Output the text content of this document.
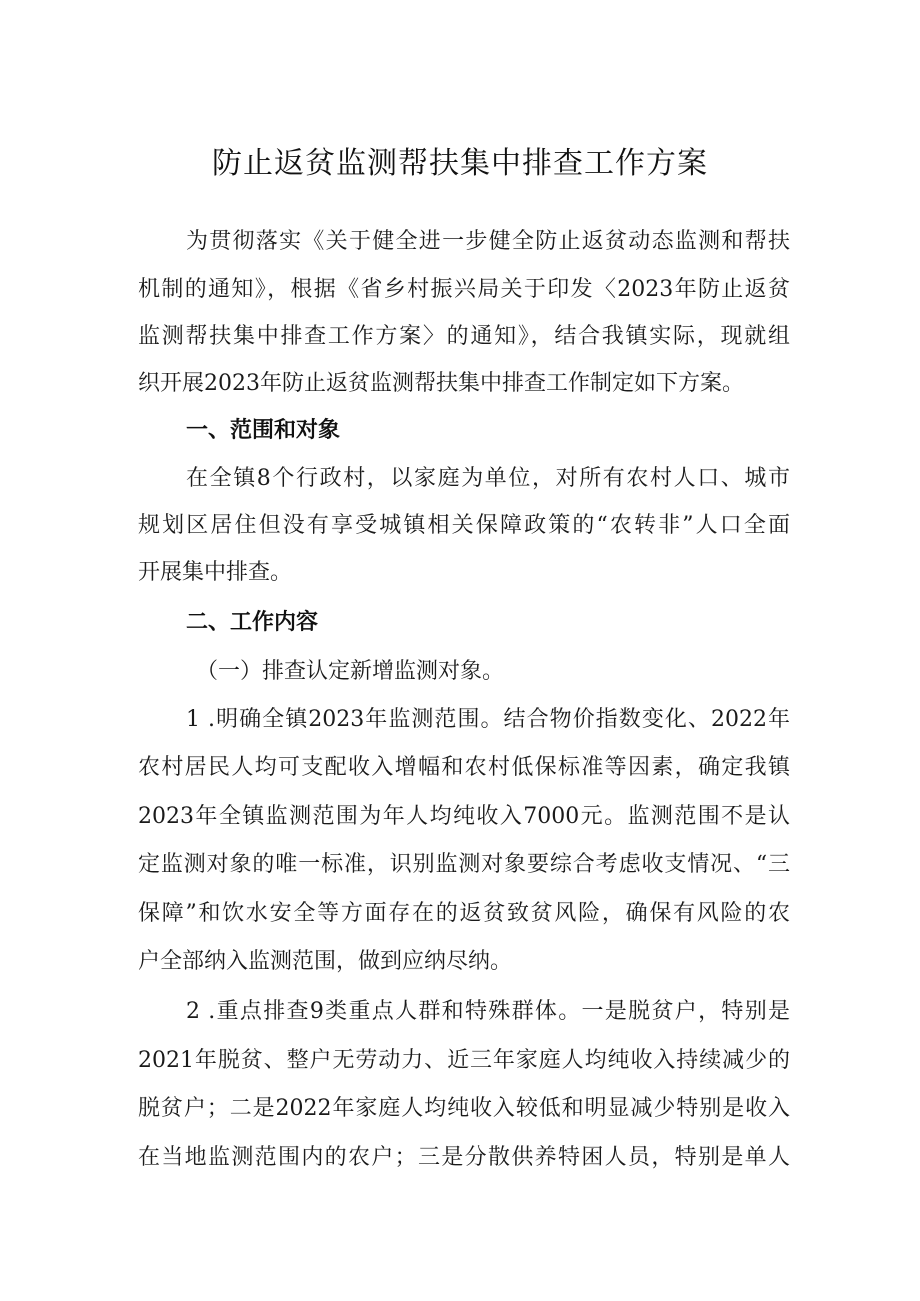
防止返贫监测帮扶集中排查工作方案

为贯彻落实《关于健全进一步健全防止返贫动态监测和帮扶

机制的通知》，根据《省乡村振兴局关于印发〈2023年防止返贫

监测帮扶集中排查工作方案〉的通知》，结合我镇实际，现就组

织开展2023年防止返贫监测帮扶集中排查工作制定如下方案。

一、范围和对象

在全镇8个行政村，以家庭为单位，对所有农村人口、城市

规划区居住但没有享受城镇相关保障政策的“农转非”人口全面

开展集中排查。

二、工作内容

（一）排查认定新增监测对象。

1 .明确全镇2023年监测范围。结合物价指数变化、2022年

农村居民人均可支配收入增幅和农村低保标准等因素，确定我镇

2023年全镇监测范围为年人均纯收入7000元。监测范围不是认

定监测对象的唯一标准，识别监测对象要综合考虑收支情况、“三

保障”和饮水安全等方面存在的返贫致贫风险，确保有风险的农

户全部纳入监测范围，做到应纳尽纳。

2 .重点排查9类重点人群和特殊群体。一是脱贫户，特别是

2021年脱贫、整户无劳动力、近三年家庭人均纯收入持续减少的

脱贫户；二是2022年家庭人均纯收入较低和明显减少特别是收入

在当地监测范围内的农户；三是分散供养特困人员，特别是单人
